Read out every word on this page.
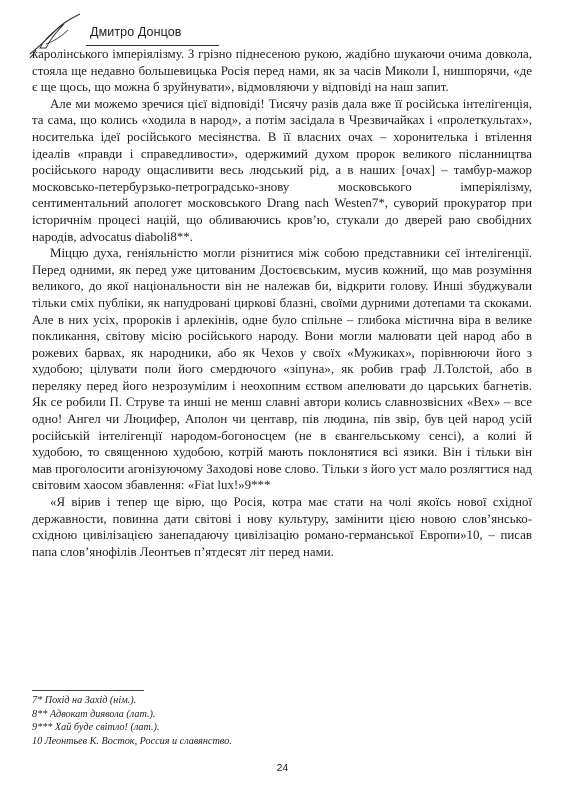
Дмитро Донцов

каролінського імперіялізму. З грізно піднесеною рукою, жадібно шукаючи очима довкола, стояла ще недавно большевицька Росія перед нами, як за часів Миколи I, нишпорячи, «де є ще щось, що можна б зруйнувати», відмовляючи у відповіді на наш запит.

Але ми можемо зречися цієї відповіді! Тисячу разів дала вже її російська інтелігенція, та сама, що колись «ходила в народ», а потім засідала в Чрезвичайках і «пролеткультах», носителька ідеї російського месіянства. В її власних очах – хоронителька і втілення ідеалів «правди і справедливости», одержимий духом пророк великого післанництва російського народу ощасливити весь людський рід, а в наших [очах] – тамбур-мажор московсько-петербурзько-петроградсько-знову московського імперіялізму, сентиментальний апологет московського Drang nach Westen7*, суворий прокуратор при історичнім процесі націй, що обливаючись кров’ю, стукали до дверей раю свобідних народів, advocatus diaboli8**.

Міццю духа, геніяльністю могли різнитися між собою представники сеї інтелігенції. Перед одними, як перед уже цитованим Достоєвським, мусив кожний, що мав розуміння великого, до якої національности він не належав би, відкрити голову. Инші збуджували тільки сміх публіки, як напудровані циркові блазні, своїми дурними дотепами та скоками. Але в них усіх, пророків і арлекінів, одне було спільне – глибока містична віра в велике покликання, світову місію російського народу. Вони могли малювати цей народ або в рожевих барвах, як народники, або як Чехов у своїх «Мужиках», порівнюючи його з худобою; цілувати поли його смердючого «зіпуна», як робив граф Л.Толстой, або в переляку перед його незрозумілим і неохопним єством апелювати до царських багнетів. Як се робили П. Струве та инші не менш славні автори колись славнозвісних «Вех» – все одно! Ангел чи Люцифер, Аполон чи центавр, пів людина, пів звір, був цей народ усій російській інтелігенції народом-богоносцем (не в євангельському сенсі), а колиі й худобою, то священною худобою, котрій мають поклонятися всі язики. Він і тільки він мав проголосити агонізуючому Заходові нове слово. Тільки з його уст мало розлягтися над світовим хаосом збавлення: «Fiat lux!»9***

«Я вірив і тепер ще вірю, що Росія, котра має стати на чолі якоїсь нової східної державности, повинна дати світові і нову культуру, замінити цією новою слов’янсько-східною цивілізацією занепадаючу цивілізацію романо-германської Европи»10, – писав папа слов’янофілів Леонтьев п’ятдесят літ перед нами.

7* Похід на Захід (нім.).

8** Адвокат диявола (лат.).

9*** Хай буде світло! (лат.).

10 Леонтьев К. Восток, Россия и славянство.

24
